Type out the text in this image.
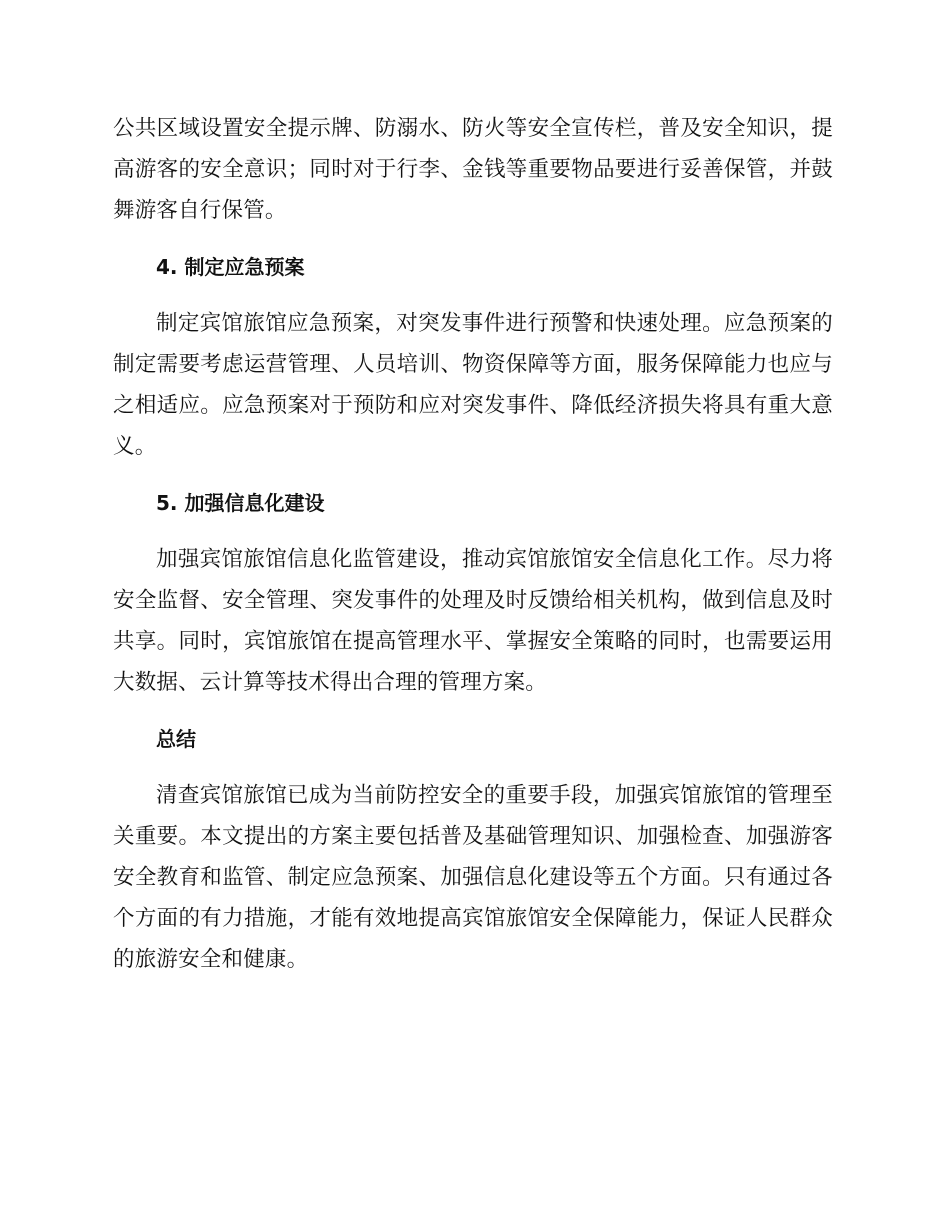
公共区域设置安全提示牌、防溺水、防火等安全宣传栏，普及安全知识，提高游客的安全意识；同时对于行李、金钱等重要物品要进行妥善保管，并鼓舞游客自行保管。

4. 制定应急预案

制定宾馆旅馆应急预案，对突发事件进行预警和快速处理。应急预案的制定需要考虑运营管理、人员培训、物资保障等方面，服务保障能力也应与之相适应。应急预案对于预防和应对突发事件、降低经济损失将具有重大意义。

5. 加强信息化建设

加强宾馆旅馆信息化监管建设，推动宾馆旅馆安全信息化工作。尽力将安全监督、安全管理、突发事件的处理及时反馈给相关机构，做到信息及时共享。同时，宾馆旅馆在提高管理水平、掌握安全策略的同时，也需要运用大数据、云计算等技术得出合理的管理方案。

总结

清查宾馆旅馆已成为当前防控安全的重要手段，加强宾馆旅馆的管理至关重要。本文提出的方案主要包括普及基础管理知识、加强检查、加强游客安全教育和监管、制定应急预案、加强信息化建设等五个方面。只有通过各个方面的有力措施，才能有效地提高宾馆旅馆安全保障能力，保证人民群众的旅游安全和健康。
